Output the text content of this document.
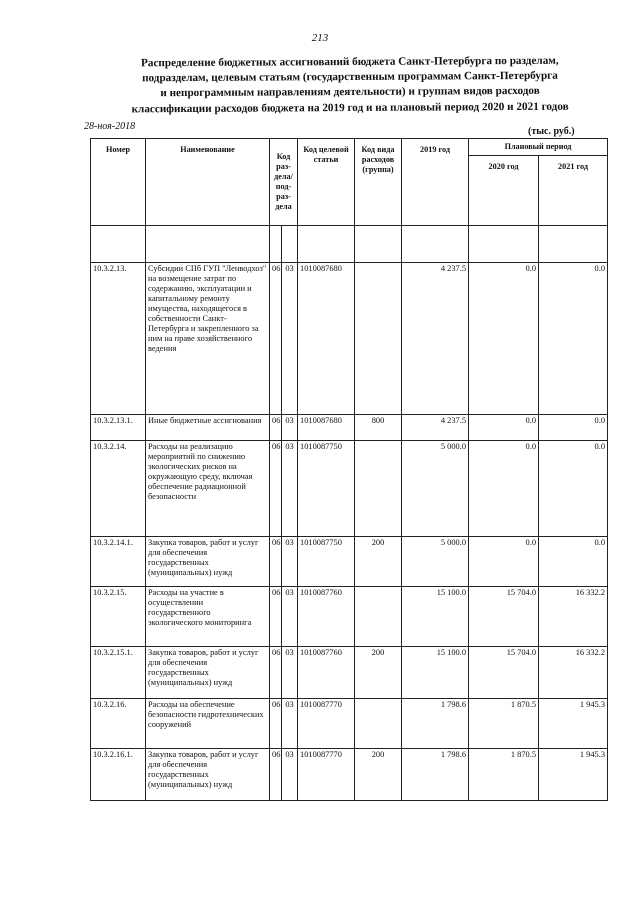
213
Распределение бюджетных ассигнований бюджета Санкт-Петербурга по разделам,
подразделам, целевым статьям (государственным программам Санкт-Петербурга
и непрограммным направлениям деятельности) и группам видов расходов
классификации расходов бюджета на 2019 год и на плановый период 2020 и 2021 годов
28-ноя-2018	(тыс. руб.)
Номер	Наименование	Код раз- дела/ под- раз- дела		Код целевой статьи	Код вида расходов (группа)	2019 год	Плановый период	
							2020 год	2021 год

10.3.2.13.	Субсидии СПб ГУП "Ленводхоз" на возмещение затрат по содержанию, эксплуатации и капитальному ремонту имущества, находящегося в собственности Санкт-Петербурга и закрепленного за ним на праве хозяйственного ведения	06	03	1010087680		4 237.5	0.0	0.0
10.3.2.13.1.	Иные бюджетные ассигнования	06	03	1010087680	800	4 237.5	0.0	0.0
10.3.2.14.	Расходы на реализацию мероприятий по снижению экологических рисков на окружающую среду, включая обеспечение радиационной безопасности	06	03	1010087750		5 000.0	0.0	0.0
10.3.2.14.1.	Закупка товаров, работ и услуг для обеспечения государственных (муниципальных) нужд	06	03	1010087750	200	5 000.0	0.0	0.0
10.3.2.15.	Расходы на участие в осуществлении государственного экологического мониторинга	06	03	1010087760		15 100.0	15 704.0	16 332.2
10.3.2.15.1.	Закупка товаров, работ и услуг для обеспечения государственных (муниципальных) нужд	06	03	1010087760	200	15 100.0	15 704.0	16 332.2
10.3.2.16.	Расходы на обеспечение безопасности гидротехнических сооружений	06	03	1010087770		1 798.6	1 870.5	1 945.3
10.3.2.16.1.	Закупка товаров, работ и услуг для обеспечения государственных (муниципальных) нужд	06	03	1010087770	200	1 798.6	1 870.5	1 945.3
